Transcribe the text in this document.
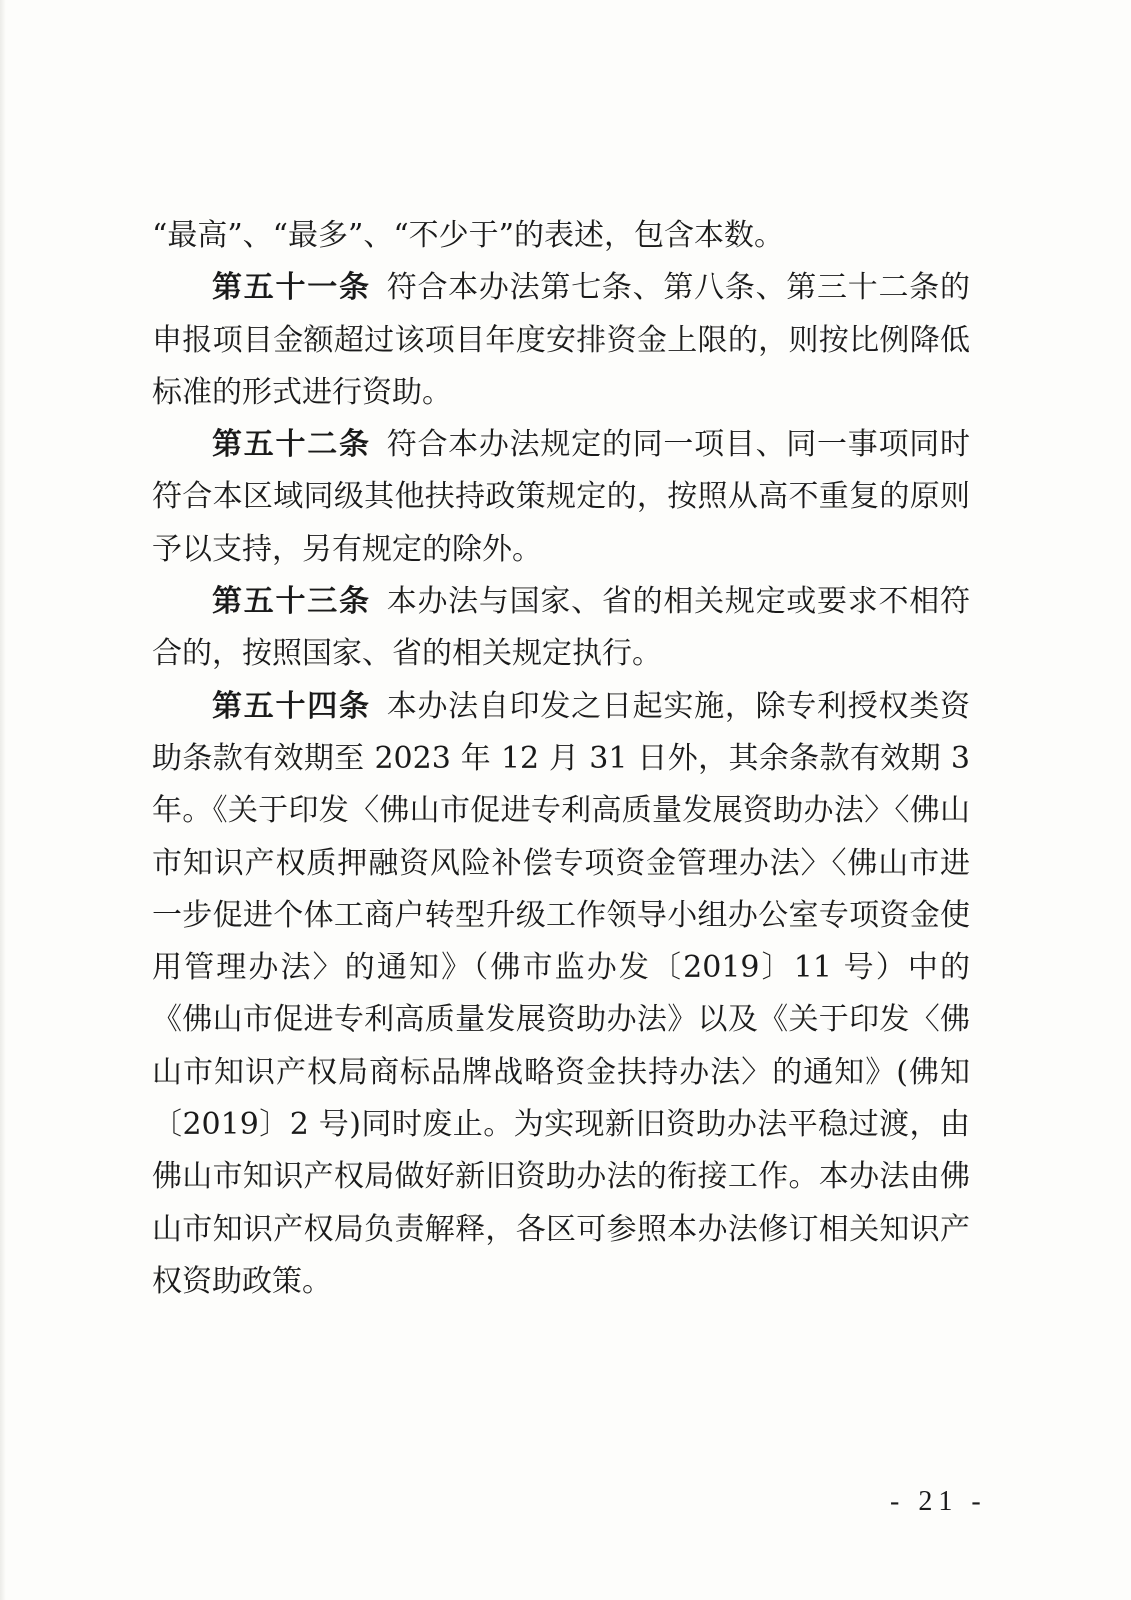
“最高”、“最多”、“不少于”的表述，包含本数。

第五十一条 符合本办法第七条、第八条、第三十二条的申报项目金额超过该项目年度安排资金上限的，则按比例降低标准的形式进行资助。

第五十二条 符合本办法规定的同一项目、同一事项同时符合本区域同级其他扶持政策规定的，按照从高不重复的原则予以支持，另有规定的除外。

第五十三条 本办法与国家、省的相关规定或要求不相符合的，按照国家、省的相关规定执行。

第五十四条 本办法自印发之日起实施，除专利授权类资助条款有效期至 2023 年 12 月 31 日外，其余条款有效期 3 年。《关于印发〈佛山市促进专利高质量发展资助办法〉〈佛山市知识产权质押融资风险补偿专项资金管理办法〉〈佛山市进一步促进个体工商户转型升级工作领导小组办公室专项资金使用管理办法〉的通知》（佛市监办发〔2019〕11 号）中的《佛山市促进专利高质量发展资助办法》以及《关于印发〈佛山市知识产权局商标品牌战略资金扶持办法〉的通知》(佛知〔2019〕2 号)同时废止。为实现新旧资助办法平稳过渡，由佛山市知识产权局做好新旧资助办法的衔接工作。本办法由佛山市知识产权局负责解释，各区可参照本办法修订相关知识产权资助政策。

- 21 -
